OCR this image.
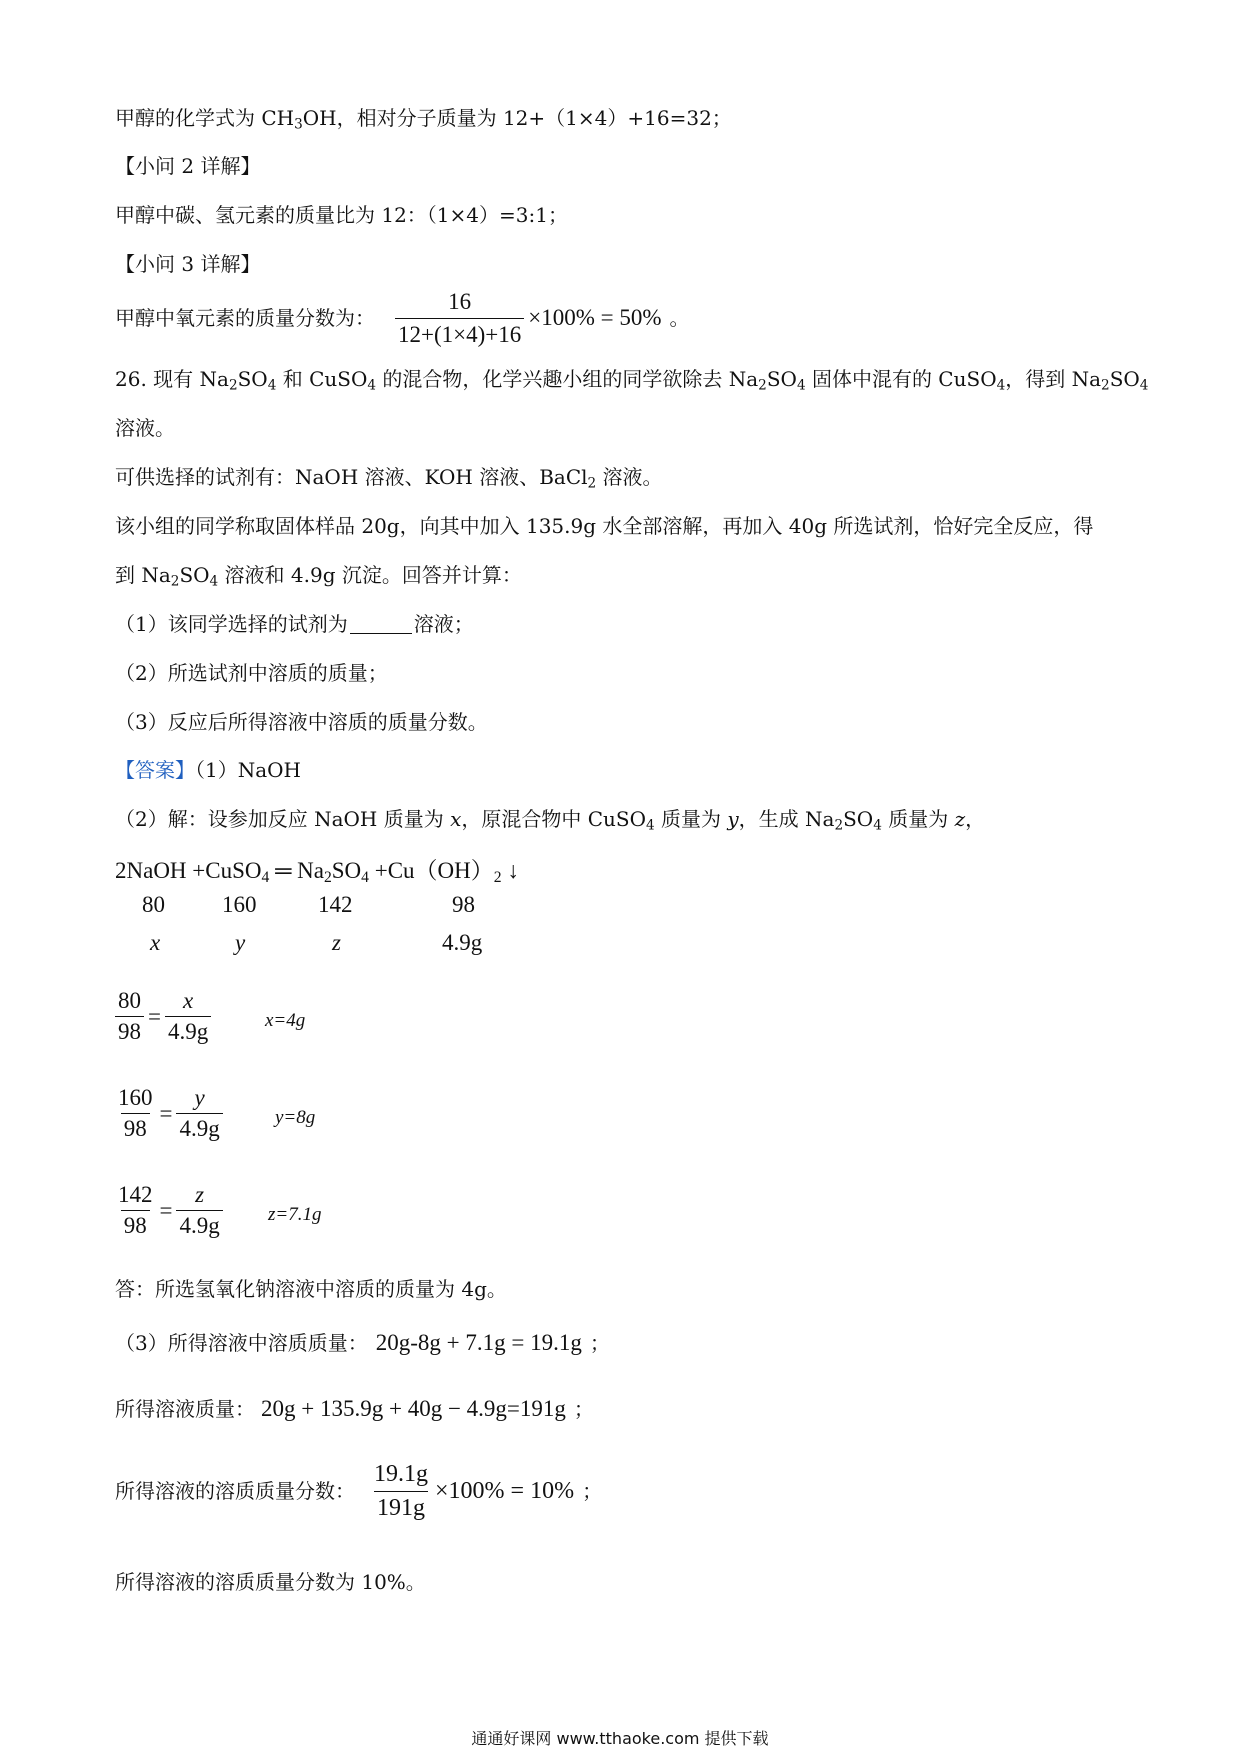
甲醇的化学式为 $CH_3OH$，相对分子质量为 12+（1×4）+16=32；
【小问 2 详解】
甲醇中碳、氢元素的质量比为 12：（1×4）=3:1；
【小问 3 详解】
甲醇中氧元素的质量分数为： $\frac{16}{12+(1\times 4)+16} \times 100\% = 50\%$ 。
26. 现有 $Na_2SO_4$ 和 CuSO$_4$ 的混合物，化学兴趣小组的同学欲除去 $Na_2SO_4$ 固体中混有的 CuSO$_4$，得到 $Na_2SO_4$
溶液。
可供选择的试剂有：NaOH 溶液、KOH 溶液、BaCl$_2$ 溶液。
该小组的同学称取固体样品 20g，向其中加入 135.9g 水全部溶解，再加入 40g 所选试剂，恰好完全反应，得
到 $Na_2SO_4$ 溶液和 4.9g 沉淀。回答并计算：
（1）该同学选择的试剂为	溶液；
（2）所选试剂中溶质的质量；
（3）反应后所得溶液中溶质的质量分数。
【答案】（1）NaOH
（2）解：设参加反应 NaOH 质量为 x，原混合物中 CuSO$_4$ 质量为 y，生成 $Na_2SO_4$ 质量为 z，
2NaOH +CuSO$_4$ ═ $Na_2SO_4 +Cu(OH)_2$ ↓
80 160	142	98
x	y	z	4.9g
$\frac{80}{98} = \frac{x}{4.9g}$	x=4g
$\frac{160}{98} = \frac{y}{4.9g}$	y=8g
$\frac{142}{98} = \frac{z}{4.9g} z=7.1g$
答：所选氢氧化钠溶液中溶质的质量为 4g。
（3）所得溶液中溶质质量： 20g-8g + 7.1g = 19.1g ；
所得溶液质量： 20g + 135.9g + 40g − 4.9g=191g ；
所得溶液的溶质质量分数： $\frac{19.1g}{191g} \times 100\% = 10\%$ ；
所得溶液的溶质质量分数为 10%。
通通好课网 www.tthaoke.com 提供下载
